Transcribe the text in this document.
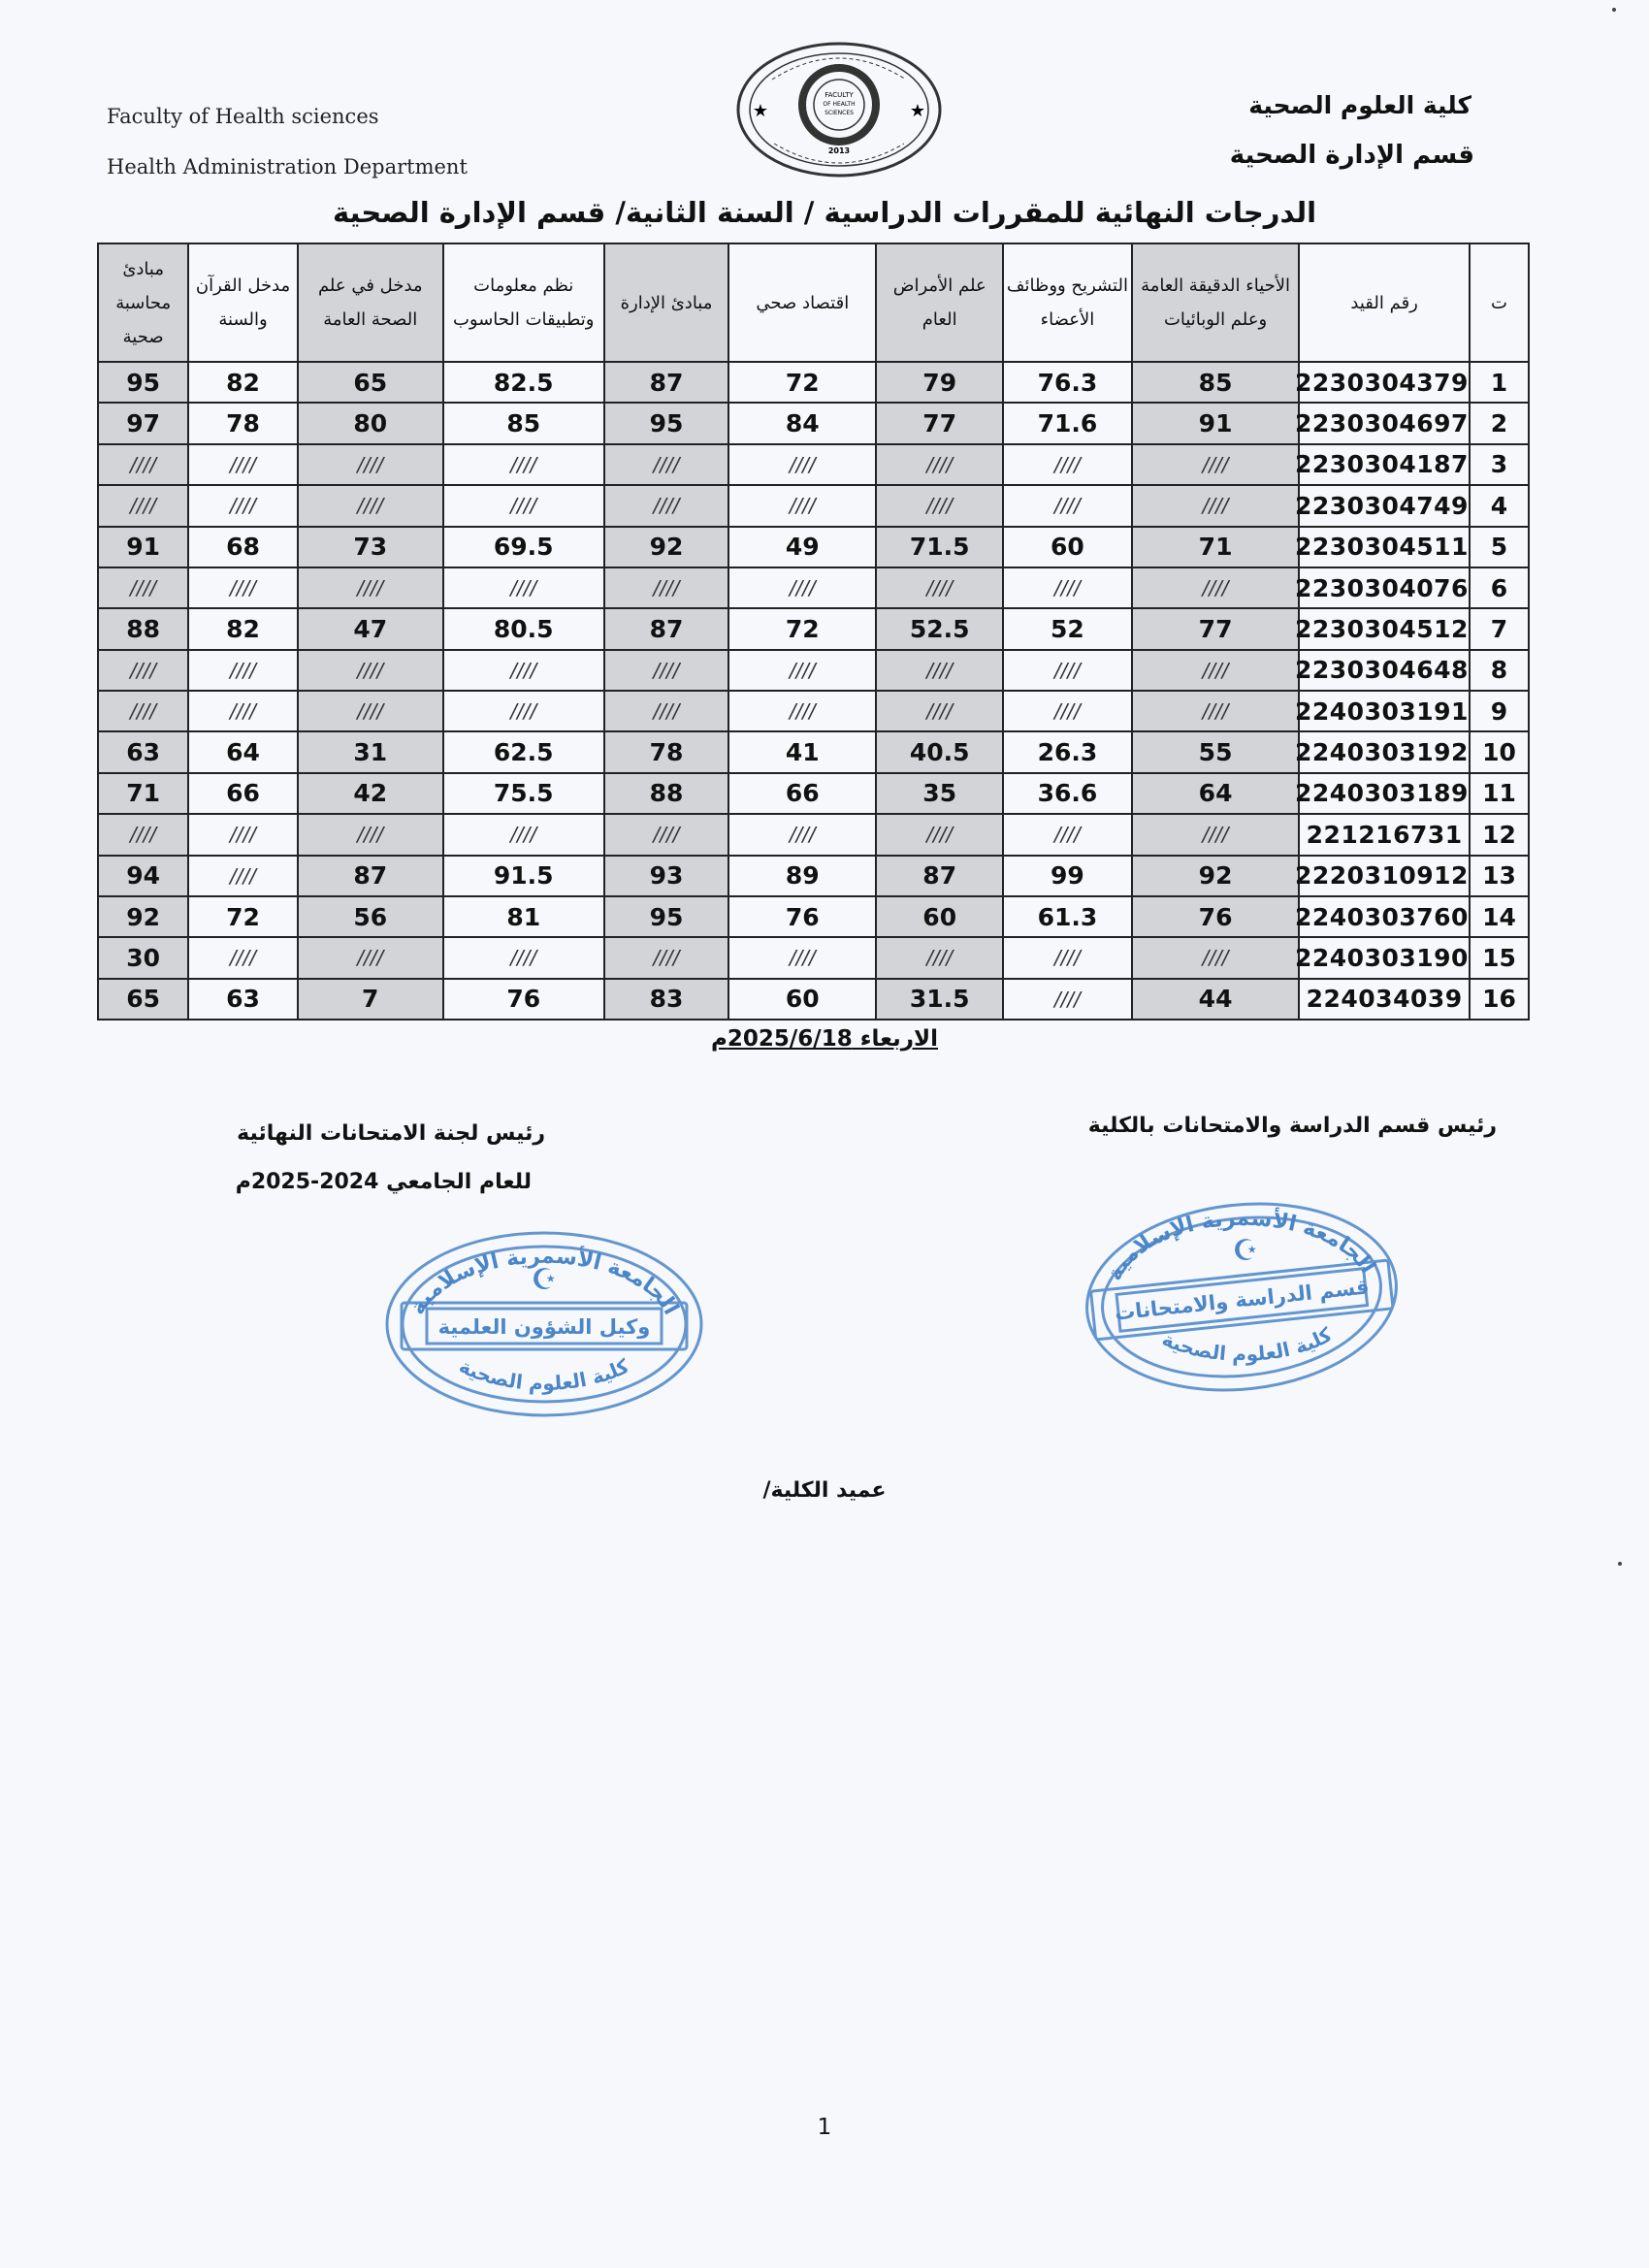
كلية العلوم الصحية
قسم الإدارة الصحية
Faculty of Health sciences
Health Administration Department
FACULTY
OF HEALTH
SCIENCES
2013
★	★
الدرجات النهائية للمقررات الدراسية / السنة الثانية/ قسم الإدارة الصحية
ت	رقم القيد	الأحياء الدقيقة العامة وعلم الوبائيات	التشريح ووظائف الأعضاء	علم الأمراض العام	اقتصاد صحي	مبادئ الإدارة	نظم معلومات وتطبيقات الحاسوب	مدخل في علم الصحة العامة	مدخل القرآن والسنة	مبادئ محاسبة صحية
1	2230304379	85	76.3	79	72	87	82.5	65	82	95
2	2230304697	91	71.6	77	84	95	85	80	78	97
3	2230304187	////	////	////	////	////	////	////	////	////
4	2230304749	////	////	////	////	////	////	////	////	////
5	2230304511	71	60	71.5	49	92	69.5	73	68	91
6	2230304076	////	////	////	////	////	////	////	////	////
7	2230304512	77	52	52.5	72	87	80.5	47	82	88
8	2230304648	////	////	////	////	////	////	////	////	////
9	2240303191	////	////	////	////	////	////	////	////	////
10	2240303192	55	26.3	40.5	41	78	62.5	31	64	63
11	2240303189	64	36.6	35	66	88	75.5	42	66	71
12	221216731	////	////	////	////	////	////	////	////	////
13	2220310912	92	99	87	89	93	91.5	87	////	94
14	2240303760	76	61.3	60	76	95	81	56	72	92
15	2240303190	////	////	////	////	////	////	////	////	30
16	224034039	44	////	31.5	60	83	76	7	63	65
الاربعاء 2025/6/18م
رئيس قسم الدراسة والامتحانات بالكلية
رئيس لجنة الامتحانات النهائية
للعام الجامعي 2024-2025م
☪
الجامعة الأسمرية الإسلامية
وكيل الشؤون العلمية
كلية العلوم الصحية
☪
الجامعة الأسمرية الإسلامية
قسم الدراسة والامتحانات
كلية العلوم الصحية
عميد الكلية/
1
